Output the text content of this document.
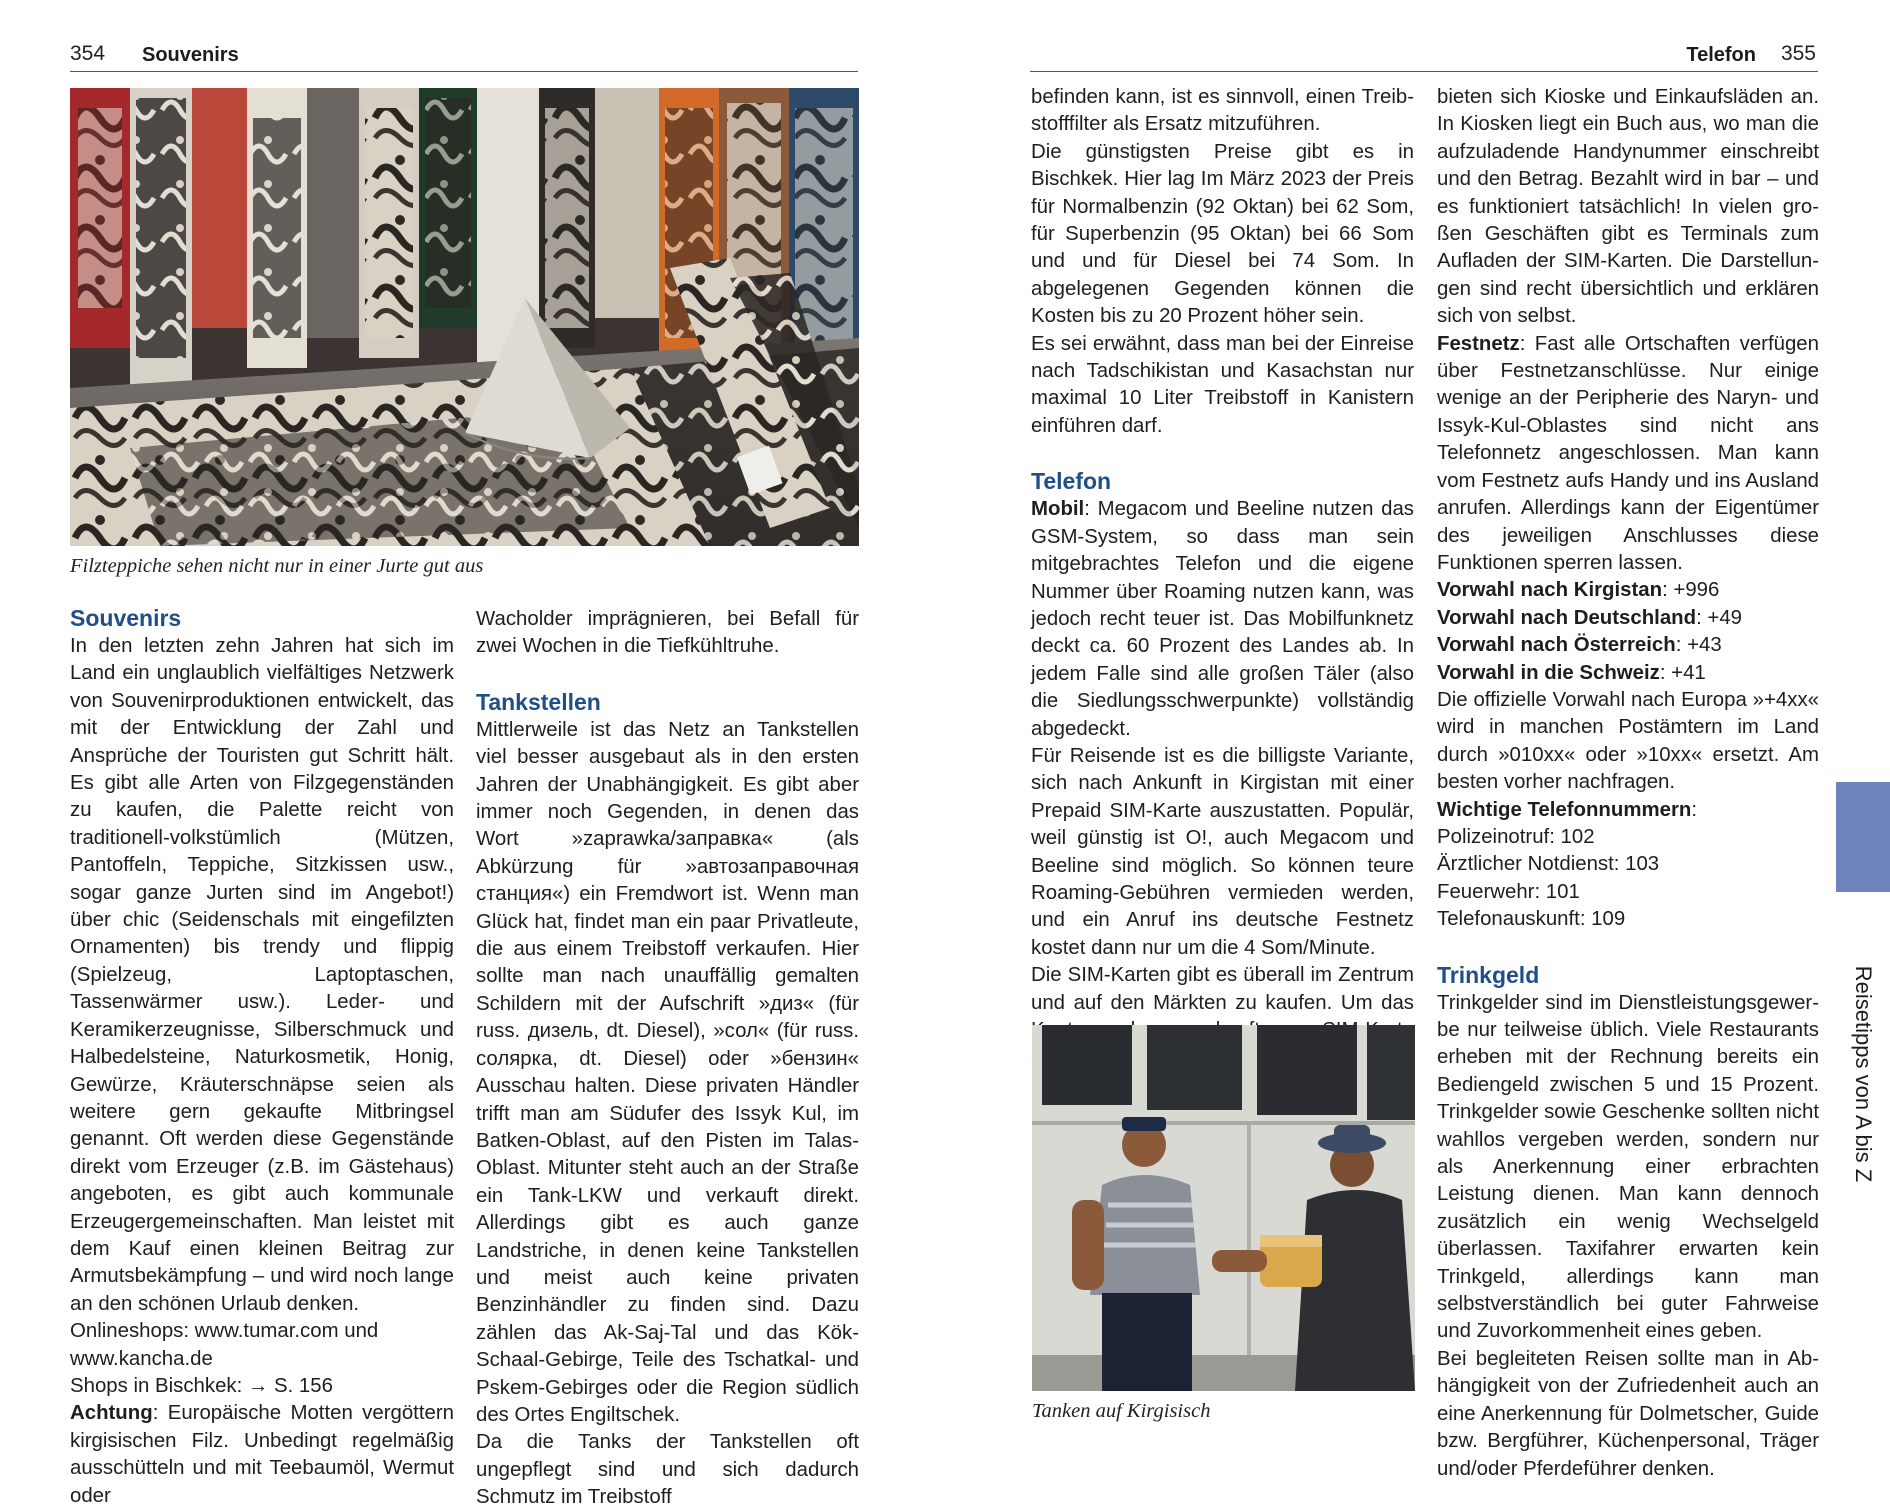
354 Souvenirs
Filzteppiche sehen nicht nur in einer Jurte gut aus
Souvenirs

In den letzten zehn Jahren hat sich im Land ein unglaublich vielfältiges Netzwerk von Souvenirproduktionen entwickelt, das mit der Entwicklung der Zahl und Ansprüche der Touristen gut Schritt hält. Es gibt alle Arten von Filzgegenständen zu kaufen, die Palette reicht von traditionell-volkstümlich (Mützen, Pantoffeln, Teppiche, Sitzkissen usw., sogar ganze Jurten sind im Angebot!) über chic (Seidenschals mit eingefilzten Ornamenten) bis trendy und flippig (Spielzeug, Laptoptaschen, Tassenwärmer usw.). Leder- und Keramikerzeugnisse, Silberschmuck und Halbedelsteine, Naturkosmetik, Honig, Gewürze, Kräuterschnäpse seien als weitere gern gekaufte Mitbringsel genannt. Oft werden diese Gegenstände direkt vom Erzeuger (z.B. im Gästehaus) angeboten, es gibt auch kommunale Erzeugergemeinschaften. Man leistet mit dem Kauf einen kleinen Beitrag zur Armutsbekämpfung – und wird noch lange an den schönen Urlaub denken.

Onlineshops: www.tumar.com und

www.kancha.de

Shops in Bischkek: → S. 156

Achtung: Europäische Motten vergöttern kirgisischen Filz. Unbedingt regelmäßig ausschütteln und mit Teebaumöl, Wermut oder

Wacholder imprägnieren, bei Befall für zwei Wochen in die Tiefkühltruhe.

Tankstellen

Mittlerweile ist das Netz an Tankstellen viel besser ausgebaut als in den ersten Jahren der Unabhängigkeit. Es gibt aber immer noch Gegenden, in denen das Wort »zaprawka/заправка« (als Abkürzung für »автозаправочная станция«) ein Fremdwort ist. Wenn man Glück hat, findet man ein paar Privatleute, die aus einem Treibstoff verkaufen. Hier sollte man nach unauffällig gemalten Schildern mit der Aufschrift »диз« (für russ. дизель, dt. Diesel), »сол« (für russ. солярка, dt. Diesel) oder »бензин« Ausschau halten. Diese privaten Händler trifft man am Südufer des Issyk Kul, im Batken-Oblast, auf den Pisten im Talas-Oblast. Mitunter steht auch an der Straße ein Tank-LKW und verkauft direkt. Allerdings gibt es auch ganze Landstriche, in denen keine Tankstellen und meist auch keine privaten Benzinhändler zu finden sind. Dazu zählen das Ak-Saj-Tal und das Kök-Schaal-Gebirge, Teile des Tschatkal- und Pskem-Gebirges oder die Region südlich des Ortes Engiltschek.

Da die Tanks der Tankstellen oft ungepflegt sind und sich dadurch Schmutz im Treibstoff

Telefon 355

befinden kann, ist es sinnvoll, einen Treibstofffilter als Ersatz mitzuführen.

Die günstigsten Preise gibt es in Bischkek. Hier lag Im März 2023 der Preis für Normalbenzin (92 Oktan) bei 62 Som, für Superbenzin (95 Oktan) bei 66 Som und und für Diesel bei 74 Som. In abgelegenen Gegenden können die Kosten bis zu 20 Prozent höher sein.

Es sei erwähnt, dass man bei der Einreise nach Tadschikistan und Kasachstan nur maximal 10 Liter Treibstoff in Kanistern einführen darf.

Telefon

Mobil: Megacom und Beeline nutzen das GSM-System, so dass man sein mitgebrachtes Telefon und die eigene Nummer über Roaming nutzen kann, was jedoch recht teuer ist. Das Mobilfunknetz deckt ca. 60 Prozent des Landes ab. In jedem Falle sind alle großen Täler (also die Siedlungsschwerpunkte) vollständig abgedeckt.

Für Reisende ist es die billigste Variante, sich nach Ankunft in Kirgistan mit einer Prepaid SIM-Karte auszustatten. Populär, weil günstig ist O!, auch Megacom und Beeline sind möglich. So können teure Roaming-Gebühren vermieden werden, und ein Anruf ins deutsche Festnetz kostet dann nur um die 4 Som/Minute.

Die SIM-Karten gibt es überall im Zentrum und auf den Märkten zu kaufen. Um das

Tanken auf Kirgisisch

bieten sich Kioske und Einkaufsläden an. In Kiosken liegt ein Buch aus, wo man die aufzuladende Handynummer einschreibt und den Betrag. Bezahlt wird in bar – und es funktioniert tatsächlich! In vielen großen Geschäften gibt es Terminals zum Aufladen der SIM-Karten. Die Darstellungen sind recht übersichtlich und erklären sich von selbst.

Festnetz: Fast alle Ortschaften verfügen über Festnetzanschlüsse. Nur einige wenige an der Peripherie des Naryn- und Issyk-Kul-Oblastes sind nicht ans Telefonnetz angeschlossen. Man kann vom Festnetz aufs Handy und ins Ausland anrufen. Allerdings kann der Eigentümer des jeweiligen Anschlusses diese Funktionen sperren lassen.

Vorwahl nach Kirgistan: +996

Vorwahl nach Deutschland: +49

Vorwahl nach Österreich: +43

Vorwahl in die Schweiz: +41

Die offizielle Vorwahl nach Europa »+4xx« wird in manchen Postämtern im Land durch »010xx« oder »10xx« ersetzt. Am besten vorher nachfragen.

Wichtige Telefonnummern:

Polizeinotruf: 102

Ärztlicher Notdienst: 103

Feuerwehr: 101

Telefonauskunft: 109

Trinkgeld

Trinkgelder sind im Dienstleistungsgewerbe nur teilweise üblich. Viele Restaurants erheben mit der Rechnung bereits ein Bediengeld zwischen 5 und 15 Prozent. Trinkgelder sowie Geschenke sollten nicht wahllos vergeben werden, sondern nur als Anerkennung einer erbrachten Leistung dienen. Man kann dennoch zusätzlich ein wenig Wechselgeld überlassen. Taxifahrer erwarten kein Trinkgeld, allerdings kann man selbstverständlich bei guter Fahrweise und Zuvorkommenheit eines geben.

Bei begleiteten Reisen sollte man in Abhängigkeit von der Zufriedenheit auch an eine Anerkennung für Dolmetscher, Guide bzw. Bergführer, Küchenpersonal, Träger und/oder Pferdeführer denken.

Reisetipps von A bis Z
